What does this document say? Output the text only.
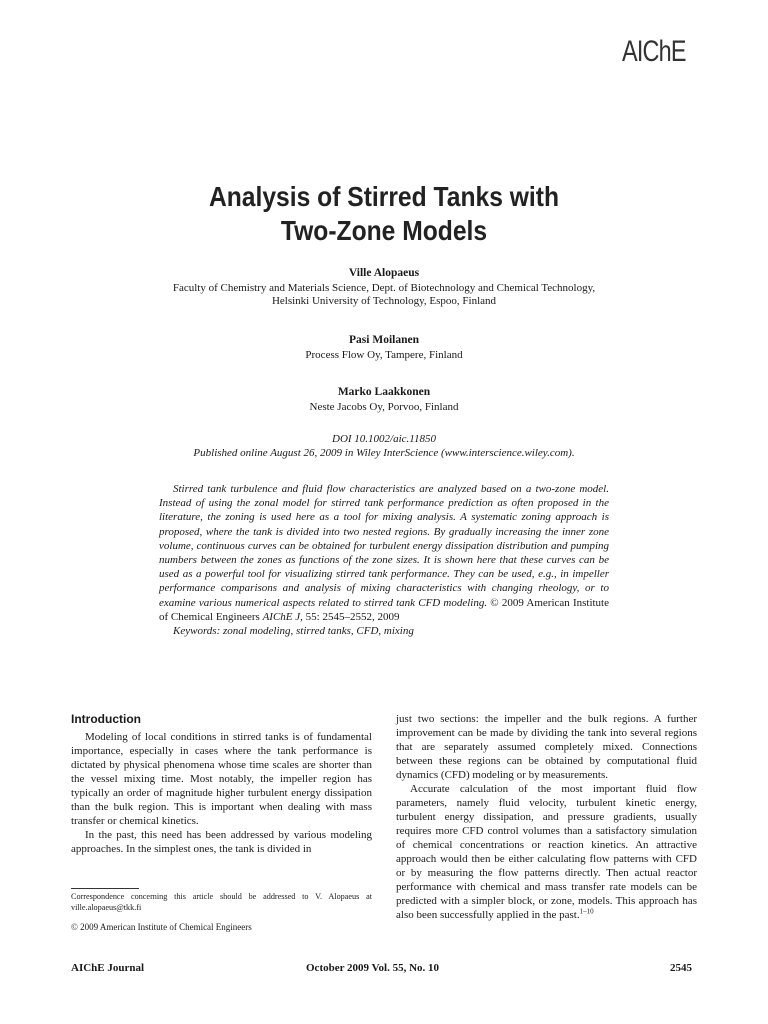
AIChE
Analysis of Stirred Tanks with
Two-Zone Models
Ville Alopaeus
Faculty of Chemistry and Materials Science, Dept. of Biotechnology and Chemical Technology,
Helsinki University of Technology, Espoo, Finland
Pasi Moilanen
Process Flow Oy, Tampere, Finland
Marko Laakkonen
Neste Jacobs Oy, Porvoo, Finland
DOI 10.1002/aic.11850
Published online August 26, 2009 in Wiley InterScience (www.interscience.wiley.com).

Stirred tank turbulence and fluid flow characteristics are analyzed based on a two-zone model. Instead of using the zonal model for stirred tank performance prediction as often proposed in the literature, the zoning is used here as a tool for mixing analysis. A systematic zoning approach is proposed, where the tank is divided into two nested regions. By gradually increasing the inner zone volume, continuous curves can be obtained for turbulent energy dissipation distribution and pumping numbers between the zones as functions of the zone sizes. It is shown here that these curves can be used as a powerful tool for visualizing stirred tank performance. They can be used, e.g., in impeller performance comparisons and analysis of mixing characteristics with changing rheology, or to examine various numerical aspects related to stirred tank CFD modeling. © 2009 American Institute of Chemical Engineers AIChE J, 55: 2545–2552, 2009

Keywords: zonal modeling, stirred tanks, CFD, mixing

Introduction

Modeling of local conditions in stirred tanks is of fundamental importance, especially in cases where the tank performance is dictated by physical phenomena whose time scales are shorter than the vessel mixing time. Most notably, the impeller region has typically an order of magnitude higher turbulent energy dissipation than the bulk region. This is important when dealing with mass transfer or chemical kinetics.

In the past, this need has been addressed by various modeling approaches. In the simplest ones, the tank is divided in

just two sections: the impeller and the bulk regions. A further improvement can be made by dividing the tank into several regions that are separately assumed completely mixed. Connections between these regions can be obtained by computational fluid dynamics (CFD) modeling or by measurements.

Accurate calculation of the most important fluid flow parameters, namely fluid velocity, turbulent kinetic energy, turbulent energy dissipation, and pressure gradients, usually requires more CFD control volumes than a satisfactory simulation of chemical concentrations or reaction kinetics. An attractive approach would then be either calculating flow patterns with CFD or by measuring the flow patterns directly. Then actual reactor performance with chemical and mass transfer rate models can be predicted with a simpler block, or zone, models. This approach has also been successfully applied in the past.$^{1-10}$

Correspondence concerning this article should be addressed to V. Alopaeus at ville.alopaeus@tkk.fi
© 2009 American Institute of Chemical Engineers
AIChE Journal	October 2009 Vol. 55, No. 10	2545
